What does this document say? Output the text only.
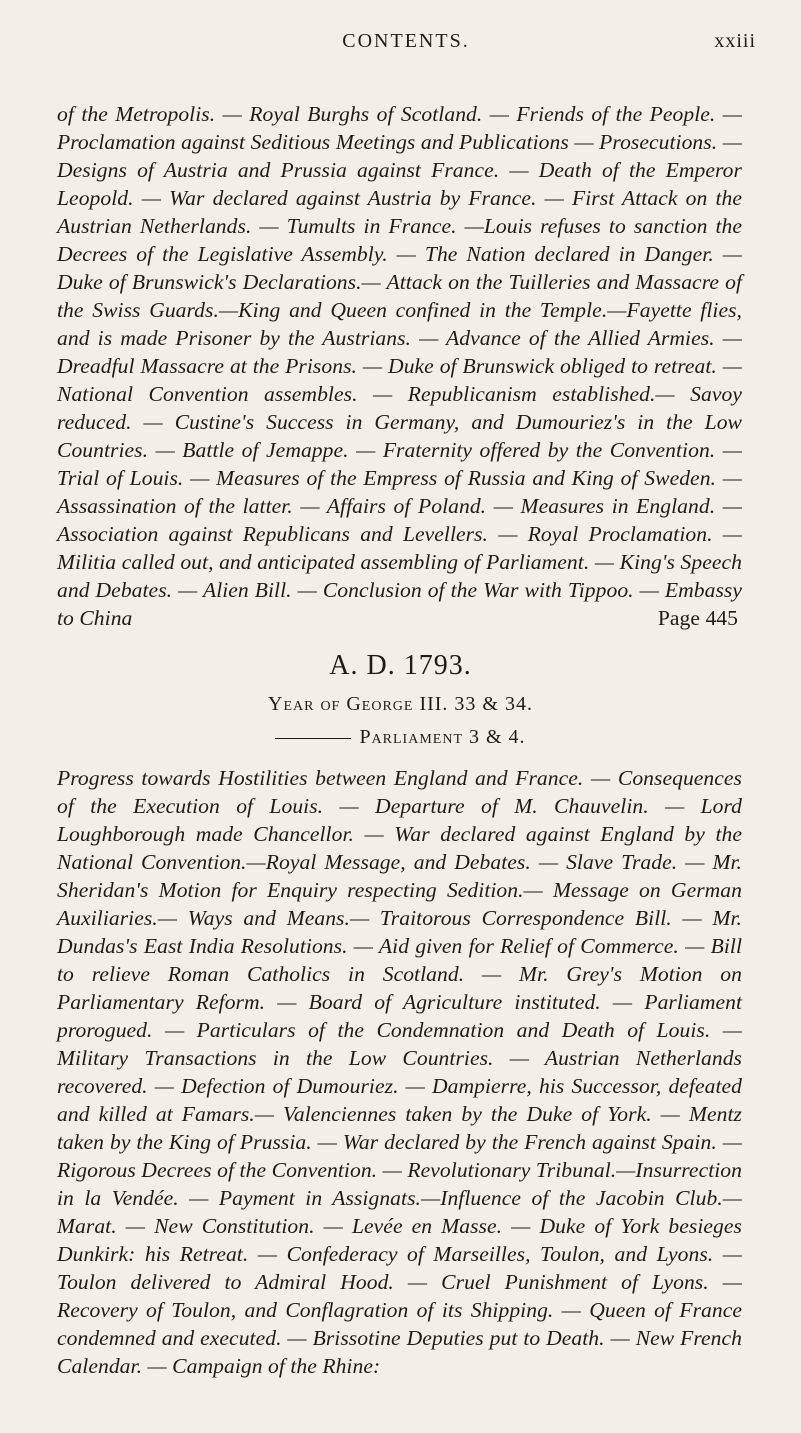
CONTENTS.	xxiii
of the Metropolis. — Royal Burghs of Scotland. — Friends of the People. — Proclamation against Seditious Meetings and Publications — Prosecutions. — Designs of Austria and Prussia against France. — Death of the Emperor Leopold. — War declared against Austria by France. — First Attack on the Austrian Netherlands. — Tumults in France. —Louis refuses to sanction the Decrees of the Legislative Assembly. — The Nation declared in Danger. — Duke of Brunswick's Declarations.— Attack on the Tuilleries and Massacre of the Swiss Guards.—King and Queen confined in the Temple.—Fayette flies, and is made Prisoner by the Austrians. — Advance of the Allied Armies. — Dreadful Massacre at the Prisons. — Duke of Brunswick obliged to retreat. — National Convention assembles. — Republicanism established.— Savoy reduced. — Custine's Success in Germany, and Dumouriez's in the Low Countries. — Battle of Jemappe. — Fraternity offered by the Convention. — Trial of Louis. — Measures of the Empress of Russia and King of Sweden. — Assassination of the latter. — Affairs of Poland. — Measures in England. — Association against Republicans and Levellers. — Royal Proclamation. — Militia called out, and anticipated assembling of Parliament. — King's Speech and Debates. — Alien Bill. — Conclusion of the War with Tippoo. — Embassy to China	Page 445
A. D. 1793.
Year of George III. 33 & 34.
Parliament 3 & 4.
Progress towards Hostilities between England and France. — Consequences of the Execution of Louis. — Departure of M. Chauvelin. — Lord Loughborough made Chancellor. — War declared against England by the National Convention.—Royal Message, and Debates. — Slave Trade. — Mr. Sheridan's Motion for Enquiry respecting Sedition.— Message on German Auxiliaries.— Ways and Means.— Traitorous Correspondence Bill. — Mr. Dundas's East India Resolutions. — Aid given for Relief of Commerce. — Bill to relieve Roman Catholics in Scotland. — Mr. Grey's Motion on Parliamentary Reform. — Board of Agriculture instituted. — Parliament prorogued. — Particulars of the Condemnation and Death of Louis. — Military Transactions in the Low Countries. — Austrian Netherlands recovered. — Defection of Dumouriez. — Dampierre, his Successor, defeated and killed at Famars.— Valenciennes taken by the Duke of York. — Mentz taken by the King of Prussia. — War declared by the French against Spain. — Rigorous Decrees of the Convention. — Revolutionary Tribunal.—Insurrection in la Vendée. — Payment in Assignats.—Influence of the Jacobin Club.—Marat. — New Constitution. — Levée en Masse. — Duke of York besieges Dunkirk: his Retreat. — Confederacy of Marseilles, Toulon, and Lyons. — Toulon delivered to Admiral Hood. — Cruel Punishment of Lyons. — Recovery of Toulon, and Conflagration of its Shipping. — Queen of France condemned and executed. — Brissotine Deputies put to Death. — New French Calendar. — Campaign of the Rhine:
